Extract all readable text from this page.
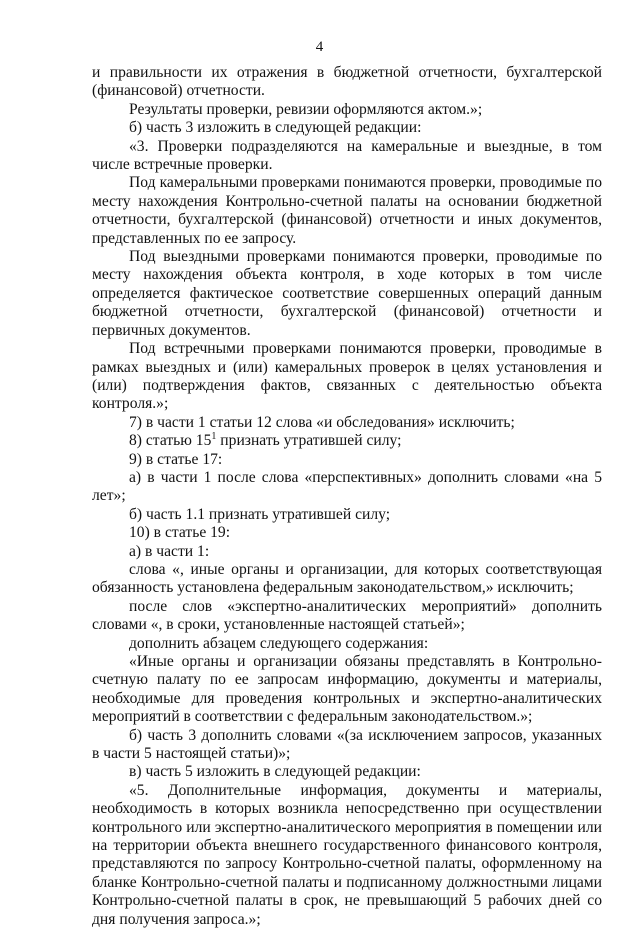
4

и правильности их отражения в бюджетной отчетности, бухгалтерской (финансовой) отчетности.

Результаты проверки, ревизии оформляются актом.»;

б) часть 3 изложить в следующей редакции:

«3. Проверки подразделяются на камеральные и выездные, в том числе встречные проверки.

Под камеральными проверками понимаются проверки, проводимые по месту нахождения Контрольно-счетной палаты на основании бюджетной отчетности, бухгалтерской (финансовой) отчетности и иных документов, представленных по ее запросу.

Под выездными проверками понимаются проверки, проводимые по месту нахождения объекта контроля, в ходе которых в том числе определяется фактическое соответствие совершенных операций данным бюджетной отчетности, бухгалтерской (финансовой) отчетности и первичных документов.

Под встречными проверками понимаются проверки, проводимые в рамках выездных и (или) камеральных проверок в целях установления и (или) подтверждения фактов, связанных с деятельностью объекта контроля.»;

7) в части 1 статьи 12 слова «и обследования» исключить;

8) статью $15^1$ признать утратившей силу;

9) в статье 17:

а) в части 1 после слова «перспективных» дополнить словами «на 5 лет»;

б) часть 1.1 признать утратившей силу;

10) в статье 19:

а) в части 1:

слова «, иные органы и организации, для которых соответствующая обязанность установлена федеральным законодательством,» исключить;

после слов «экспертно-аналитических мероприятий» дополнить словами «, в сроки, установленные настоящей статьей»;

дополнить абзацем следующего содержания:

«Иные органы и организации обязаны представлять в Контрольно-счетную палату по ее запросам информацию, документы и материалы, необходимые для проведения контрольных и экспертно-аналитических мероприятий в соответствии с федеральным законодательством.»;

б) часть 3 дополнить словами «(за исключением запросов, указанных в части 5 настоящей статьи)»;

в) часть 5 изложить в следующей редакции:

«5. Дополнительные информация, документы и материалы, необходимость в которых возникла непосредственно при осуществлении контрольного или экспертно-аналитического мероприятия в помещении или на территории объекта внешнего государственного финансового контроля, представляются по запросу Контрольно-счетной палаты, оформленному на бланке Контрольно-счетной палаты и подписанному должностными лицами Контрольно-счетной палаты в срок, не превышающий 5 рабочих дней со дня получения запроса.»;
